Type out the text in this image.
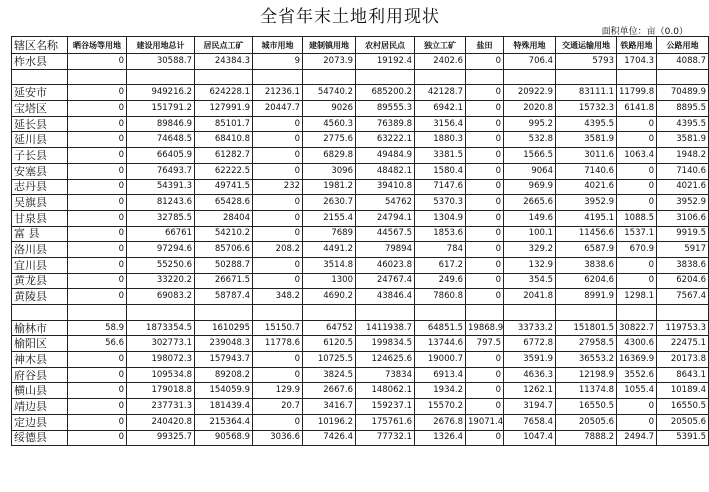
全省年末土地利用现状
面积单位：亩（0.0）
辖区名称	晒谷场等用地	建设用地总计	居民点工矿	城市用地	建制镇用地	农村居民点	独立工矿	盐田	特殊用地	交通运输用地	铁路用地	公路用地
柞水县	0	30588.7	24384.3	9	2073.9	19192.4	2402.6	0	706.4	5793	1704.3	4088.7

延安市	0	949216.2	624228.1	21236.1	54740.2	685200.2	42128.7	0	20922.9	83111.1	11799.8	70489.9
宝塔区	0	151791.2	127991.9	20447.7	9026	89555.3	6942.1	0	2020.8	15732.3	6141.8	8895.5
延长县	0	89846.9	85101.7	0	4560.3	76389.8	3156.4	0	995.2	4395.5	0	4395.5
延川县	0	74648.5	68410.8	0	2775.6	63222.1	1880.3	0	532.8	3581.9	0	3581.9
子长县	0	66405.9	61282.7	0	6829.8	49484.9	3381.5	0	1566.5	3011.6	1063.4	1948.2
安塞县	0	76493.7	62222.5	0	3096	48482.1	1580.4	0	9064	7140.6	0	7140.6
志丹县	0	54391.3	49741.5	232	1981.2	39410.8	7147.6	0	969.9	4021.6	0	4021.6
吴旗县	0	81243.6	65428.6	0	2630.7	54762	5370.3	0	2665.6	3952.9	0	3952.9
甘泉县	0	32785.5	28404	0	2155.4	24794.1	1304.9	0	149.6	4195.1	1088.5	3106.6
富 县	0	66761	54210.2	0	7689	44567.5	1853.6	0	100.1	11456.6	1537.1	9919.5
洛川县	0	97294.6	85706.6	208.2	4491.2	79894	784	0	329.2	6587.9	670.9	5917
宜川县	0	55250.6	50288.7	0	3514.8	46023.8	617.2	0	132.9	3838.6	0	3838.6
黄龙县	0	33220.2	26671.5	0	1300	24767.4	249.6	0	354.5	6204.6	0	6204.6
黄陵县	0	69083.2	58787.4	348.2	4690.2	43846.4	7860.8	0	2041.8	8991.9	1298.1	7567.4

榆林市	58.9	1873354.5	1610295	15150.7	64752	1411938.7	64851.5	19868.9	33733.2	151801.5	30822.7	119753.3
榆阳区	56.6	302773.1	239048.3	11778.6	6120.5	199834.5	13744.6	797.5	6772.8	27958.5	4300.6	22475.1
神木县	0	198072.3	157943.7	0	10725.5	124625.6	19000.7	0	3591.9	36553.2	16369.9	20173.8
府谷县	0	109534.8	89208.2	0	3824.5	73834	6913.4	0	4636.3	12198.9	3552.6	8643.1
横山县	0	179018.8	154059.9	129.9	2667.6	148062.1	1934.2	0	1262.1	11374.8	1055.4	10189.4
靖边县	0	237731.3	181439.4	20.7	3416.7	159237.1	15570.2	0	3194.7	16550.5	0	16550.5
定边县	0	240420.8	215364.4	0	10196.2	175761.6	2676.8	19071.4	7658.4	20505.6	0	20505.6
绥德县	0	99325.7	90568.9	3036.6	7426.4	77732.1	1326.4	0	1047.4	7888.2	2494.7	5391.5
